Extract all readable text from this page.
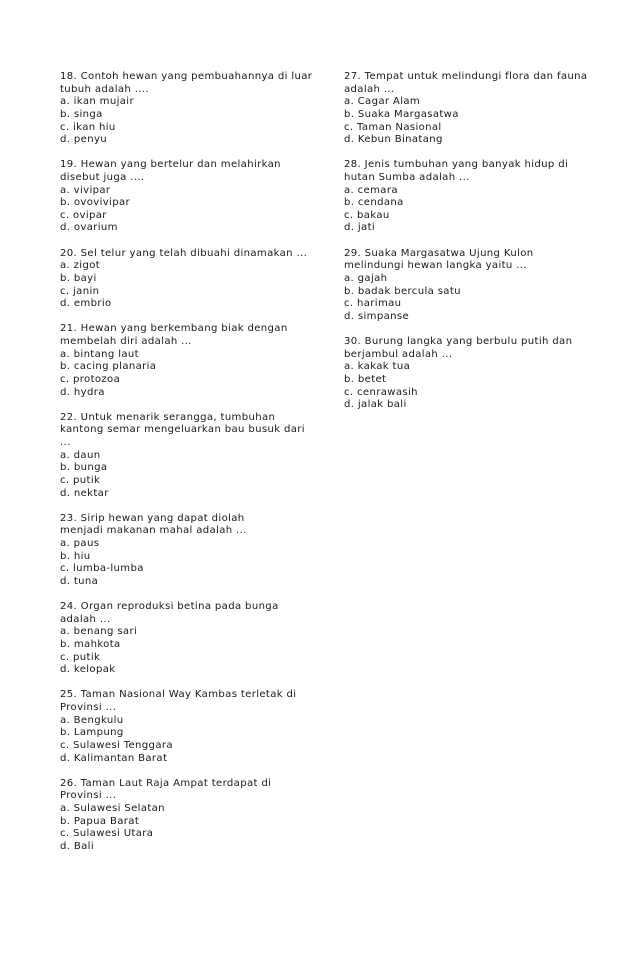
18. Contoh hewan yang pembuahannya di luar
tubuh adalah ....
a. ikan mujair
b. singa
c. ikan hiu
d. penyu
19. Hewan yang bertelur dan melahirkan
disebut juga ....
a. vivipar
b. ovovivipar
c. ovipar
d. ovarium
20. Sel telur yang telah dibuahi dinamakan ...
a. zigot
b. bayi
c. janin
d. embrio
21. Hewan yang berkembang biak dengan
membelah diri adalah ...
a. bintang laut
b. cacing planaria
c. protozoa
d. hydra
22. Untuk menarik serangga, tumbuhan
kantong semar mengeluarkan bau busuk dari
...
a. daun
b. bunga
c. putik
d. nektar
23. Sirip hewan yang dapat diolah
menjadi makanan mahal adalah ...
a. paus
b. hiu
c. lumba-lumba
d. tuna
24. Organ reproduksi betina pada bunga
adalah ...
a. benang sari
b. mahkota
c. putik
d. kelopak
25. Taman Nasional Way Kambas terletak di
Provinsi ...
a. Bengkulu
b. Lampung
c. Sulawesi Tenggara
d. Kalimantan Barat
26. Taman Laut Raja Ampat terdapat di
Provinsi ...
a. Sulawesi Selatan
b. Papua Barat
c. Sulawesi Utara
d. Bali
27. Tempat untuk melindungi flora dan fauna
adalah ...
a. Cagar Alam
b. Suaka Margasatwa
c. Taman Nasional
d. Kebun Binatang
28. Jenis tumbuhan yang banyak hidup di
hutan Sumba adalah ...
a. cemara
b. cendana
c. bakau
d. jati
29. Suaka Margasatwa Ujung Kulon
melindungi hewan langka yaitu ...
a. gajah
b. badak bercula satu
c. harimau
d. simpanse
30. Burung langka yang berbulu putih dan
berjambul adalah ...
a. kakak tua
b. betet
c. cenrawasih
d. jalak bali
